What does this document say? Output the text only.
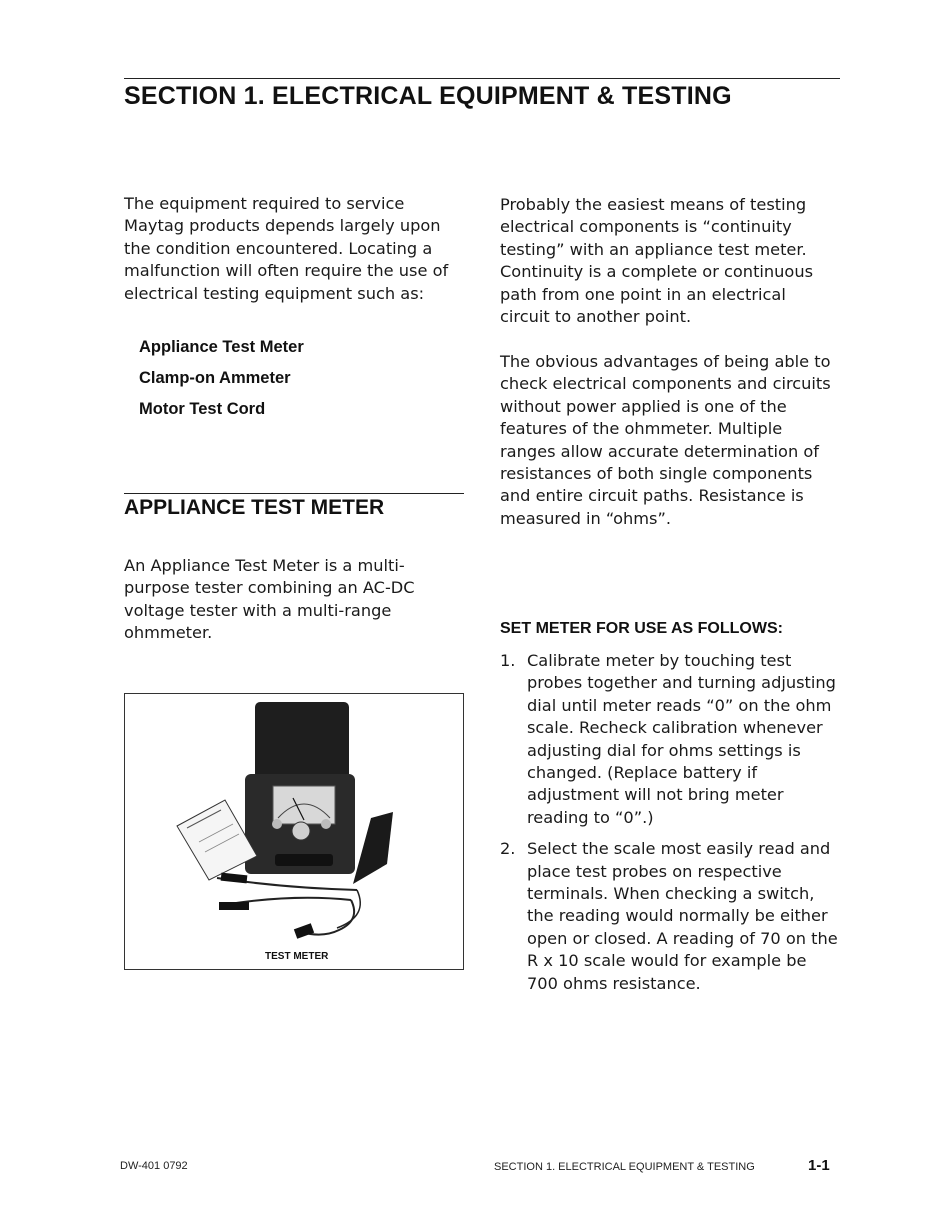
SECTION 1. ELECTRICAL EQUIPMENT & TESTING

The equipment required to service Maytag products depends largely upon the condition encountered. Locating a malfunction will often require the use of electrical testing equipment such as:

Appliance Test Meter
Clamp-on Ammeter
Motor Test Cord
APPLIANCE TEST METER

An Appliance Test Meter is a multi-purpose tester combining an AC-DC voltage tester with a multi-range ohmmeter.

TEST METER

Probably the easiest means of testing electrical components is “continuity testing” with an appliance test meter. Continuity is a complete or continuous path from one point in an electrical circuit to another point.

The obvious advantages of being able to check electrical components and circuits without power applied is one of the features of the ohmmeter. Multiple ranges allow accurate determination of resistances of both single components and entire circuit paths. Resistance is measured in “ohms”.

SET METER FOR USE AS FOLLOWS:
1. Calibrate meter by touching test probes together and turning adjusting dial until meter reads “0” on the ohm scale. Recheck calibration whenever adjusting dial for ohms settings is changed. (Replace battery if adjustment will not bring meter reading to “0”.)
2. Select the scale most easily read and place test probes on respective terminals. When checking a switch, the reading would normally be either open or closed. A reading of 70 on the R x 10 scale would for example be 700 ohms resistance.
DW-401 0792	SECTION 1. ELECTRICAL EQUIPMENT & TESTING	1-1
